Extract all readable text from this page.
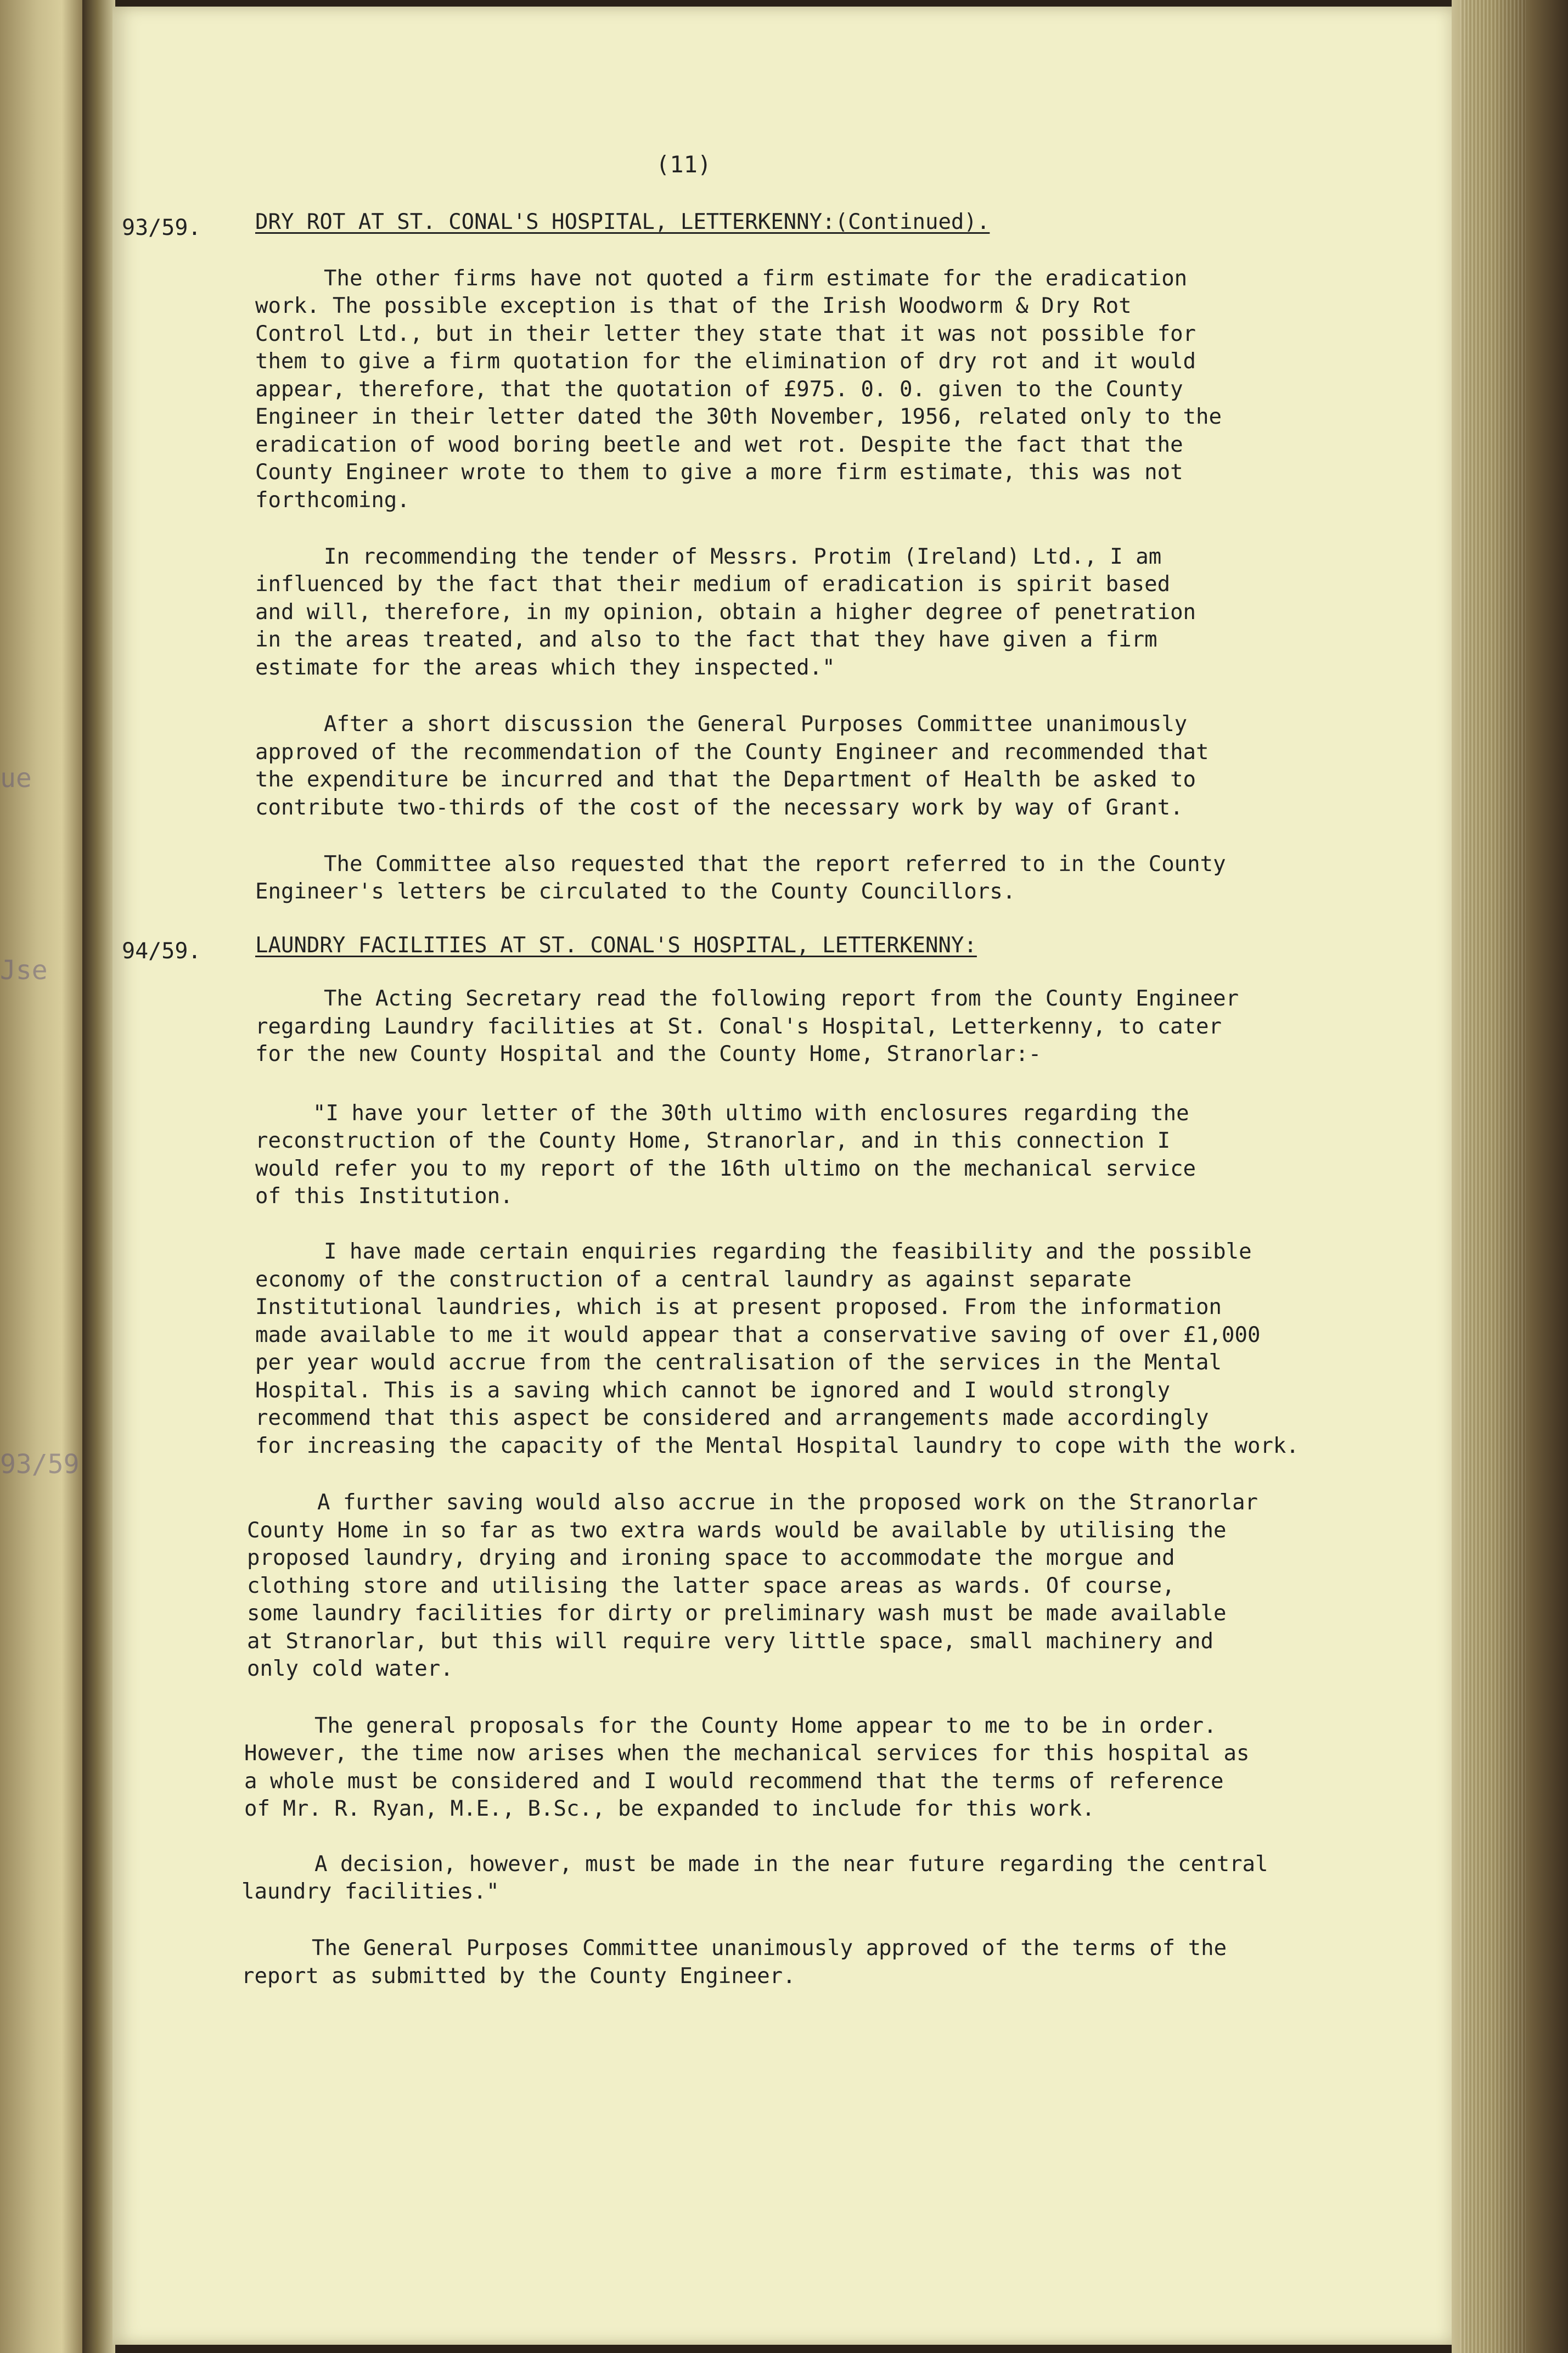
ue
Jse
93/59
(11)
93/59.	DRY ROT AT ST. CONAL'S HOSPITAL, LETTERKENNY:(Continued).

The other firms have not quoted a firm estimate for the eradication

work. The possible exception is that of the Irish Woodworm & Dry Rot

Control Ltd., but in their letter they state that it was not possible for

them to give a firm quotation for the elimination of dry rot and it would

appear, therefore, that the quotation of £975. 0. 0. given to the County

Engineer in their letter dated the 30th November, 1956, related only to the

eradication of wood boring beetle and wet rot. Despite the fact that the

County Engineer wrote to them to give a more firm estimate, this was not

forthcoming.

In recommending the tender of Messrs. Protim (Ireland) Ltd., I am

influenced by the fact that their medium of eradication is spirit based

and will, therefore, in my opinion, obtain a higher degree of penetration

in the areas treated, and also to the fact that they have given a firm

estimate for the areas which they inspected."

After a short discussion the General Purposes Committee unanimously

approved of the recommendation of the County Engineer and recommended that

the expenditure be incurred and that the Department of Health be asked to

contribute two-thirds of the cost of the necessary work by way of Grant.

The Committee also requested that the report referred to in the County

Engineer's letters be circulated to the County Councillors.

94/59.	LAUNDRY FACILITIES AT ST. CONAL'S HOSPITAL, LETTERKENNY:

The Acting Secretary read the following report from the County Engineer

regarding Laundry facilities at St. Conal's Hospital, Letterkenny, to cater

for the new County Hospital and the County Home, Stranorlar:-

"I have your letter of the 30th ultimo with enclosures regarding the

reconstruction of the County Home, Stranorlar, and in this connection I

would refer you to my report of the 16th ultimo on the mechanical service

of this Institution.

I have made certain enquiries regarding the feasibility and the possible

economy of the construction of a central laundry as against separate

Institutional laundries, which is at present proposed. From the information

made available to me it would appear that a conservative saving of over £1,000

per year would accrue from the centralisation of the services in the Mental

Hospital. This is a saving which cannot be ignored and I would strongly

recommend that this aspect be considered and arrangements made accordingly

for increasing the capacity of the Mental Hospital laundry to cope with the work.

A further saving would also accrue in the proposed work on the Stranorlar

County Home in so far as two extra wards would be available by utilising the

proposed laundry, drying and ironing space to accommodate the morgue and

clothing store and utilising the latter space areas as wards. Of course,

some laundry facilities for dirty or preliminary wash must be made available

at Stranorlar, but this will require very little space, small machinery and

only cold water.

The general proposals for the County Home appear to me to be in order.

However, the time now arises when the mechanical services for this hospital as

a whole must be considered and I would recommend that the terms of reference

of Mr. R. Ryan, M.E., B.Sc., be expanded to include for this work.

A decision, however, must be made in the near future regarding the central

laundry facilities."

The General Purposes Committee unanimously approved of the terms of the

report as submitted by the County Engineer.
